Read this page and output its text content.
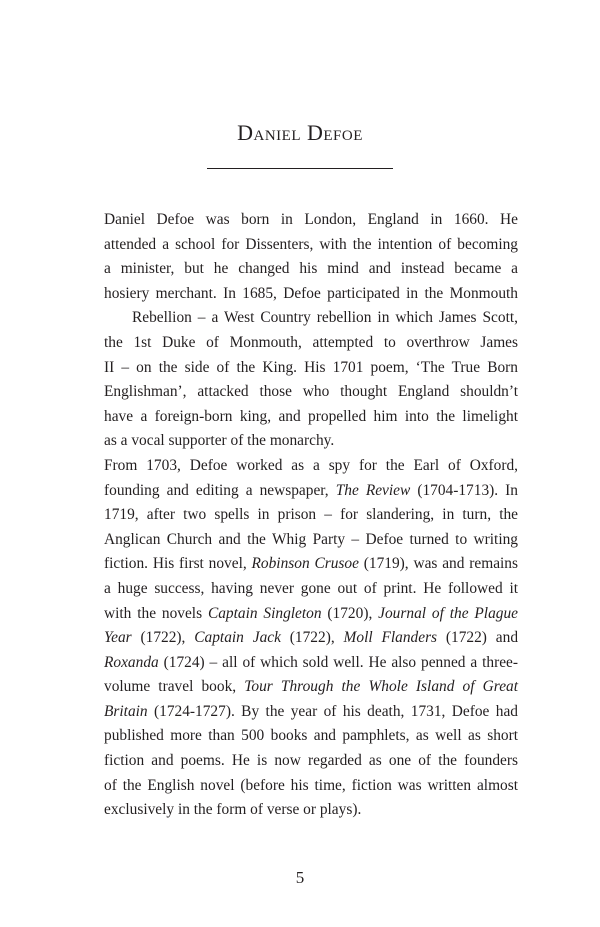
Daniel Defoe

Daniel Defoe was born in London, England in 1660. He
attended a school for Dissenters, with the intention of becoming
a minister, but he changed his mind and instead became a
hosiery merchant. In 1685, Defoe participated in the Monmouth
Rebellion – a West Country rebellion in which James Scott,
the 1st Duke of Monmouth, attempted to overthrow James
II – on the side of the King. His 1701 poem, ‘The True Born
Englishman’, attacked those who thought England shouldn’t
have a foreign-born king, and propelled him into the limelight
as a vocal supporter of the monarchy.

From 1703, Defoe worked as a spy for the Earl of Oxford,
founding and editing a newspaper, The Review (1704-1713). In
1719, after two spells in prison – for slandering, in turn, the
Anglican Church and the Whig Party – Defoe turned to writing
fiction. His first novel, Robinson Crusoe (1719), was and remains
a huge success, having never gone out of print. He followed it
with the novels Captain Singleton (1720), Journal of the Plague
Year (1722), Captain Jack (1722), Moll Flanders (1722) and
Roxanda (1724) – all of which sold well. He also penned a three-
volume travel book, Tour Through the Whole Island of Great
Britain (1724-1727). By the year of his death, 1731, Defoe had
published more than 500 books and pamphlets, as well as short
fiction and poems. He is now regarded as one of the founders
of the English novel (before his time, fiction was written almost
exclusively in the form of verse or plays).

5
